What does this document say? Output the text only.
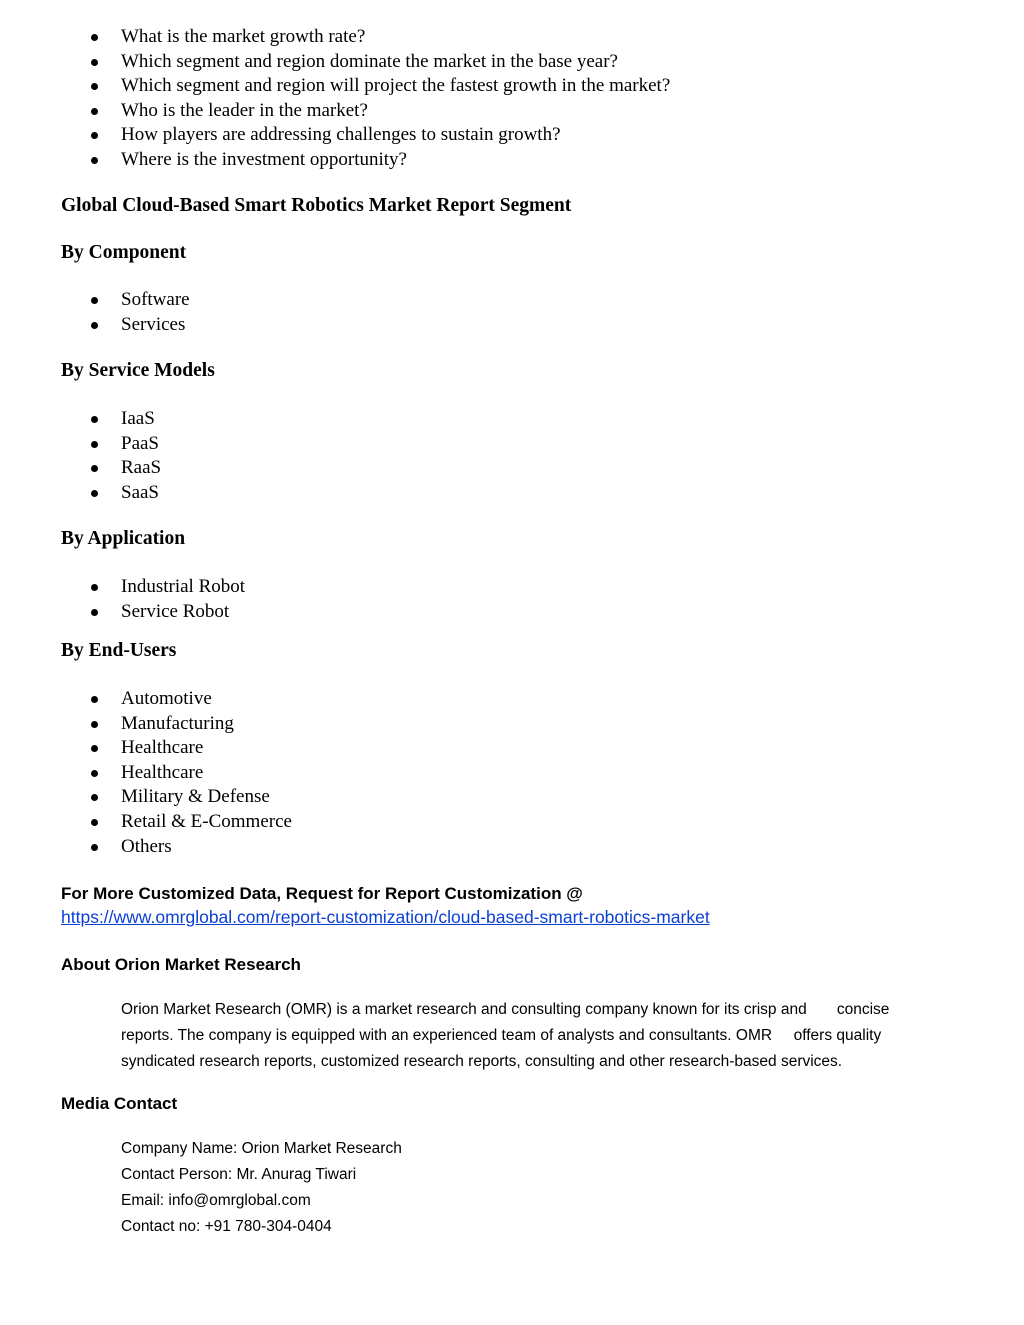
What is the market growth rate?
Which segment and region dominate the market in the base year?
Which segment and region will project the fastest growth in the market?
Who is the leader in the market?
How players are addressing challenges to sustain growth?
Where is the investment opportunity?
Global Cloud-Based Smart Robotics Market Report Segment
By Component
Software
Services
By Service Models
IaaS
PaaS
RaaS
SaaS
By Application
Industrial Robot
Service Robot
By End-Users
Automotive
Manufacturing
Healthcare
Healthcare
Military & Defense
Retail & E-Commerce
Others
For More Customized Data, Request for Report Customization @
https://www.omrglobal.com/report-customization/cloud-based-smart-robotics-market
About Orion Market Research
Orion Market Research (OMR) is a market research and consulting company known for its crisp and       concise
reports. The company is equipped with an experienced team of analysts and consultants. OMR     offers quality
syndicated research reports, customized research reports, consulting and other research-based services.
Media Contact
Company Name: Orion Market Research
Contact Person: Mr. Anurag Tiwari
Email: info@omrglobal.com
Contact no: +91 780-304-0404
